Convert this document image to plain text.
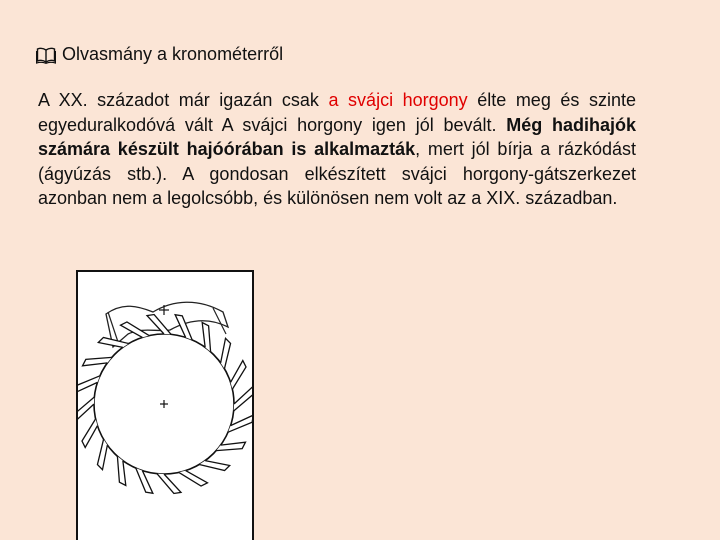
Olvasmány a kronométerről

A XX. századot már igazán csak a svájci horgony élte meg és szinte egyeduralkodóvá vált A svájci horgony igen jól bevált. Még hadihajók számára készült hajóórában is alkalmazták, mert jól bírja a rázkódást (ágyúzás stb.). A gondosan elkészített svájci horgony-gátszerkezet azonban nem a legolcsóbb, és különösen nem volt az a XIX. században.
